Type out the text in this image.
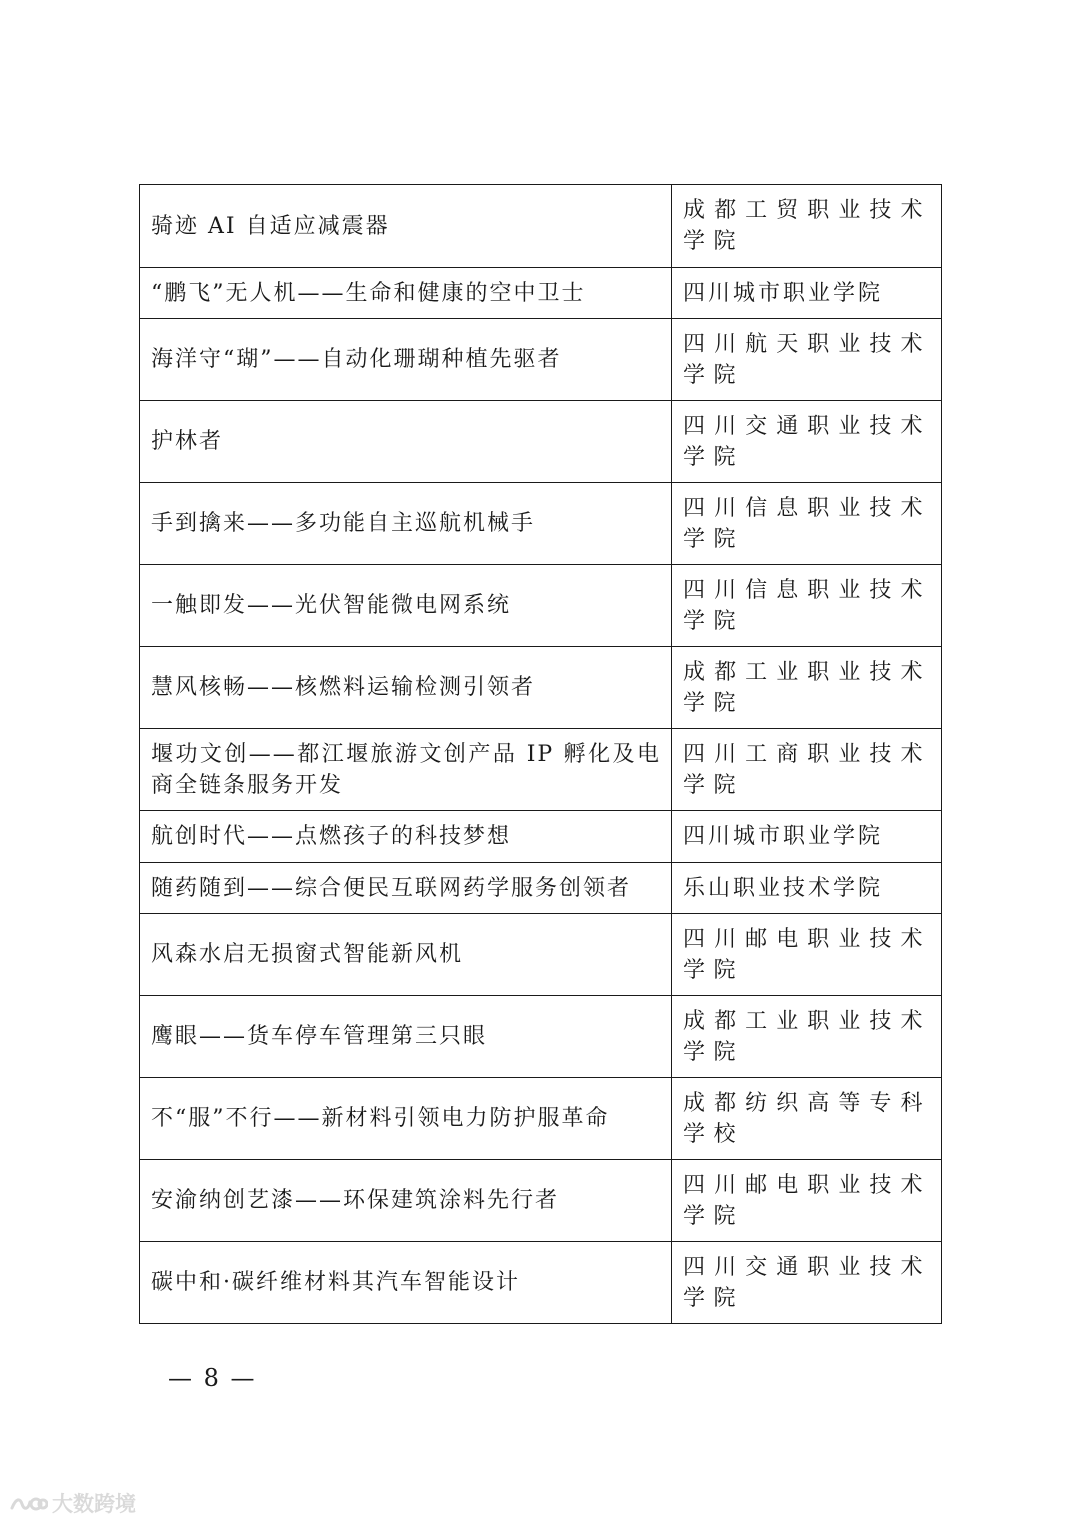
骑迹 AI 自适应减震器	成都工贸职业技术学院
“鹏飞”无人机——生命和健康的空中卫士	四川城市职业学院
海洋守“瑚”——自动化珊瑚种植先驱者	四川航天职业技术学院
护林者	四川交通职业技术学院
手到擒来——多功能自主巡航机械手	四川信息职业技术学院
一触即发——光伏智能微电网系统	四川信息职业技术学院
慧风核畅——核燃料运输检测引领者	成都工业职业技术学院
堰功文创——都江堰旅游文创产品 IP 孵化及电商全链条服务开发	四川工商职业技术学院
航创时代——点燃孩子的科技梦想	四川城市职业学院
随药随到——综合便民互联网药学服务创领者	乐山职业技术学院
风森水启无损窗式智能新风机	四川邮电职业技术学院
鹰眼——货车停车管理第三只眼	成都工业职业技术学院
不“服”不行——新材料引领电力防护服革命	成都纺织高等专科学校
安渝纳创艺漆——环保建筑涂料先行者	四川邮电职业技术学院
碳中和·碳纤维材料其汽车智能设计	四川交通职业技术学院
— 8 —
大数跨境
